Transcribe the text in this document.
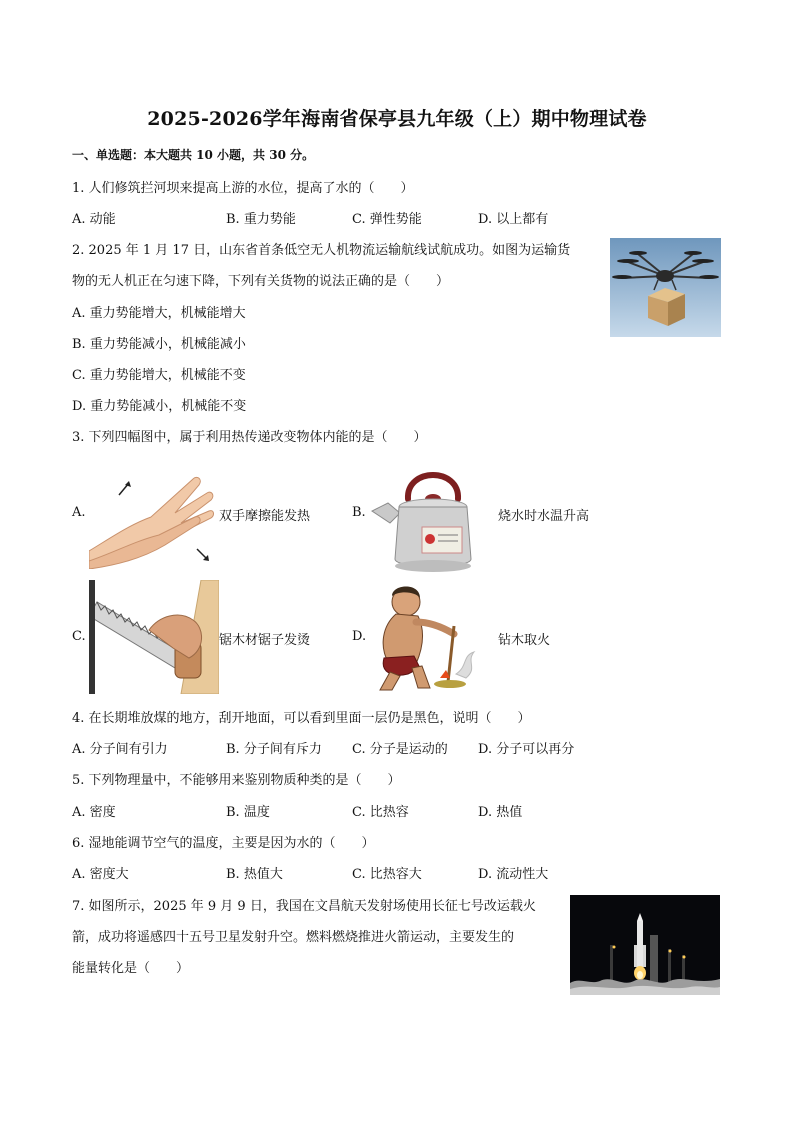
2025-2026学年海南省保亭县九年级（上）期中物理试卷
一、单选题：本大题共 10 小题，共 30 分。
1. 人们修筑拦河坝来提高上游的水位，提高了水的（　　）
A. 动能	B. 重力势能	C. 弹性势能	D. 以上都有
2. 2025 年 1 月 17 日，山东省首条低空无人机物流运输航线试航成功。如图为运输货
物的无人机正在匀速下降，下列有关货物的说法正确的是（　　）
A. 重力势能增大，机械能增大
B. 重力势能减小，机械能减小
C. 重力势能增大，机械能不变
D. 重力势能减小，机械能不变
3. 下列四幅图中，属于利用热传递改变物体内能的是（　　）
A.	双手摩擦能发热	B.	烧水时水温升高
C.	锯木材锯子发烫	D.	钻木取火
4. 在长期堆放煤的地方，刮开地面，可以看到里面一层仍是黑色，说明（　　）
A. 分子间有引力	B. 分子间有斥力 C. 分子是运动的 D. 分子可以再分
5. 下列物理量中，不能够用来鉴别物质种类的是（　　）
A. 密度	B. 温度	C. 比热容	D. 热值
6. 湿地能调节空气的温度，主要是因为水的（　　）
A. 密度大	B. 热值大	C. 比热容大	D. 流动性大
7. 如图所示，2025 年 9 月 9 日，我国在文昌航天发射场使用长征七号改运载火
箭，成功将遥感四十五号卫星发射升空。燃料燃烧推进火箭运动，主要发生的
能量转化是（　　）
